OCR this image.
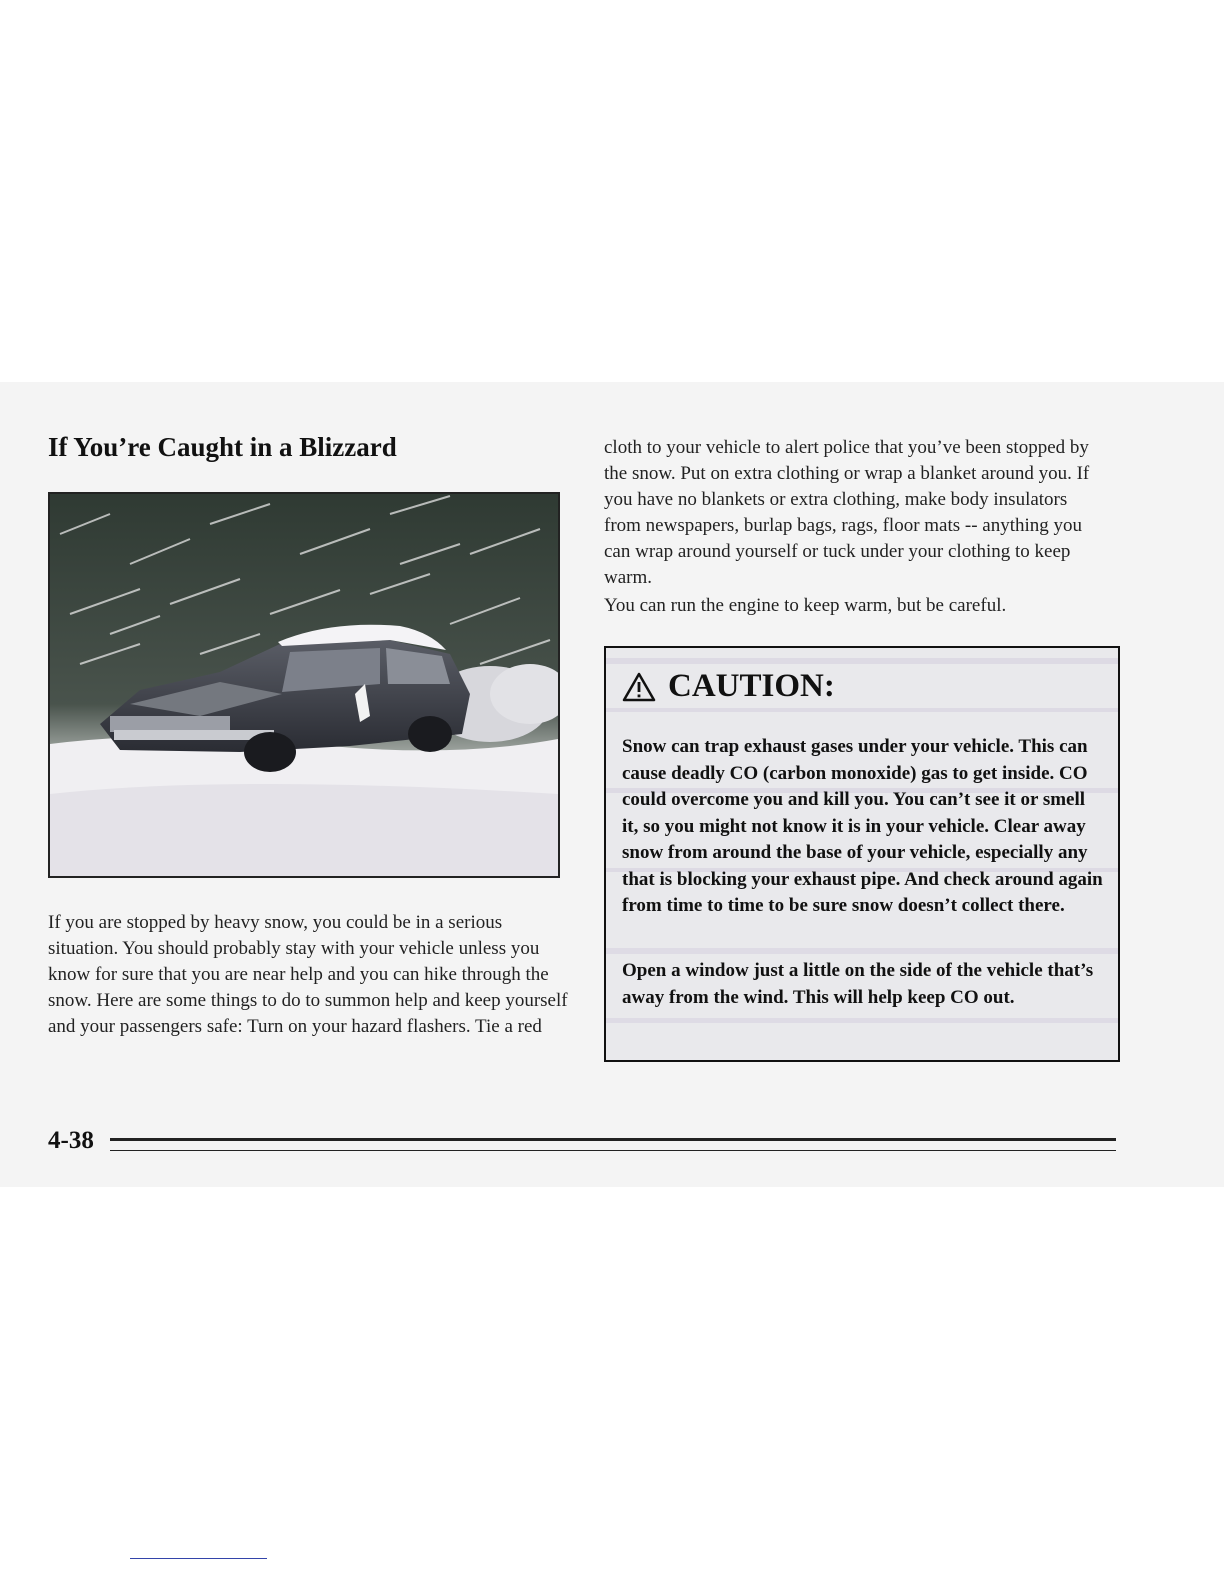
If You’re Caught in a Blizzard

If you are stopped by heavy snow, you could be in a serious situation. You should probably stay with your vehicle unless you know for sure that you are near help and you can hike through the snow. Here are some things to do to summon help and keep yourself and your passengers safe: Turn on your hazard flashers. Tie a red

cloth to your vehicle to alert police that you’ve been stopped by the snow. Put on extra clothing or wrap a blanket around you. If you have no blankets or extra clothing, make body insulators from newspapers, burlap bags, rags, floor mats -- anything you can wrap around yourself or tuck under your clothing to keep warm.

You can run the engine to keep warm, but be careful.

CAUTION:

Snow can trap exhaust gases under your vehicle. This can cause deadly CO (carbon monoxide) gas to get inside. CO could overcome you and kill you. You can’t see it or smell it, so you might not know it is in your vehicle. Clear away snow from around the base of your vehicle, especially any that is blocking your exhaust pipe. And check around again from time to time to be sure snow doesn’t collect there.

Open a window just a little on the side of the vehicle that’s away from the wind. This will help keep CO out.

4-38
